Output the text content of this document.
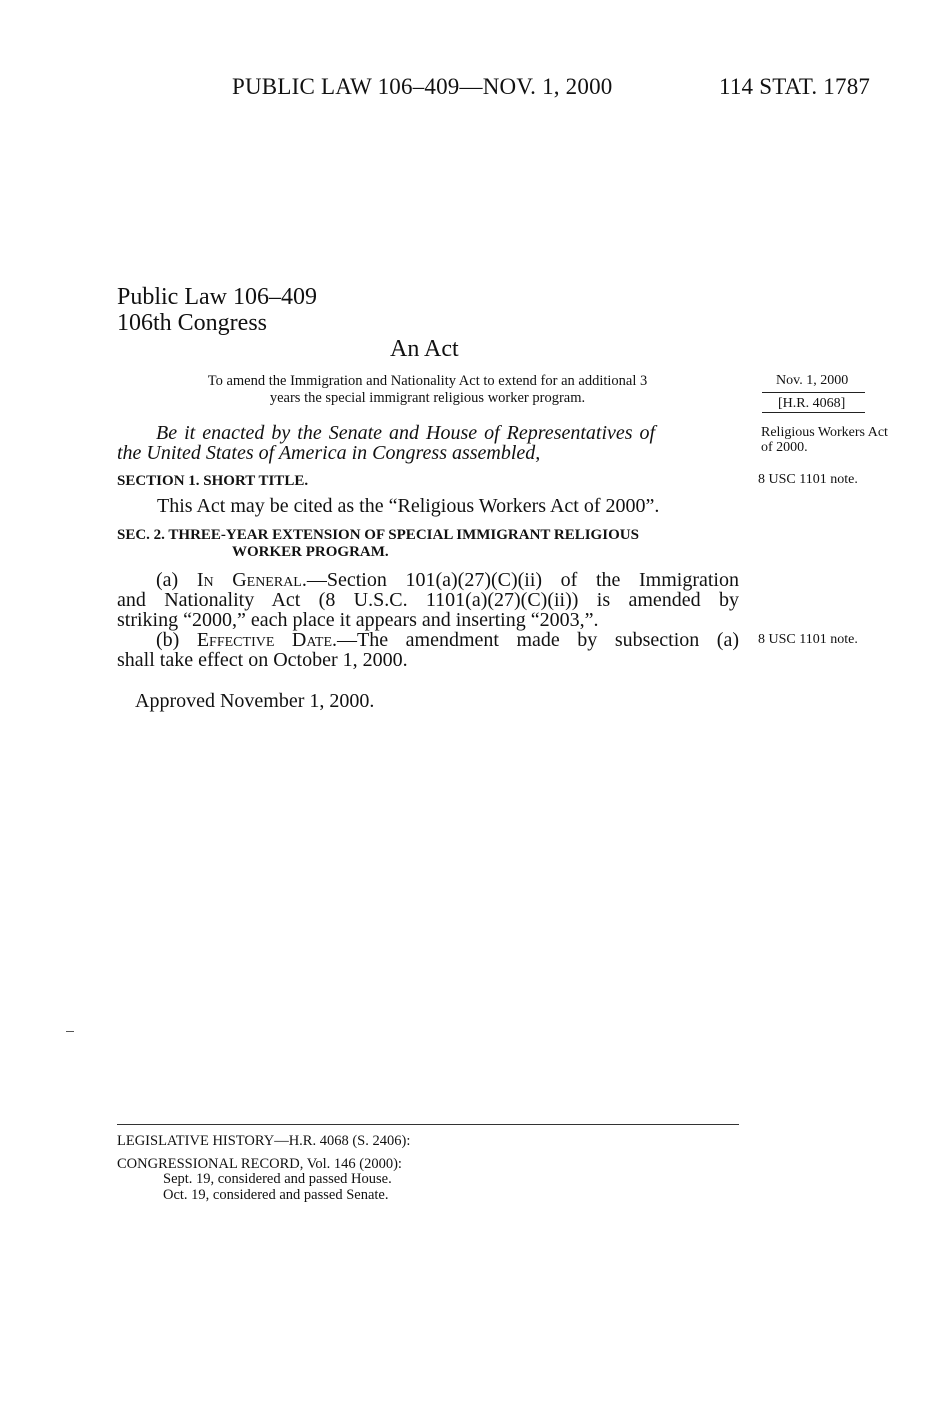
PUBLIC LAW 106–409—NOV. 1, 2000	114 STAT. 1787
Public Law 106–409
106th Congress
An Act
To amend the Immigration and Nationality Act to extend for an additional 3
years the special immigrant religious worker program.
Nov. 1, 2000
[H.R. 4068]
Religious Workers Act of 2000.
8 USC 1101 note.
8 USC 1101 note.
Be it enacted by the Senate and House of Representatives of
the United States of America in Congress assembled,
SECTION 1. SHORT TITLE.
This Act may be cited as the “Religious Workers Act of 2000”.
SEC. 2. THREE-YEAR EXTENSION OF SPECIAL IMMIGRANT RELIGIOUS
WORKER PROGRAM.
(a) In General.—Section 101(a)(27)(C)(ii) of the Immigration
and Nationality Act (8 U.S.C. 1101(a)(27)(C)(ii)) is amended by
striking “2000,” each place it appears and inserting “2003,”.
(b) Effective Date.—The amendment made by subsection (a)
shall take effect on October 1, 2000.
Approved November 1, 2000.
LEGISLATIVE HISTORY—H.R. 4068 (S. 2406):
CONGRESSIONAL RECORD, Vol. 146 (2000):
Sept. 19, considered and passed House.
Oct. 19, considered and passed Senate.
